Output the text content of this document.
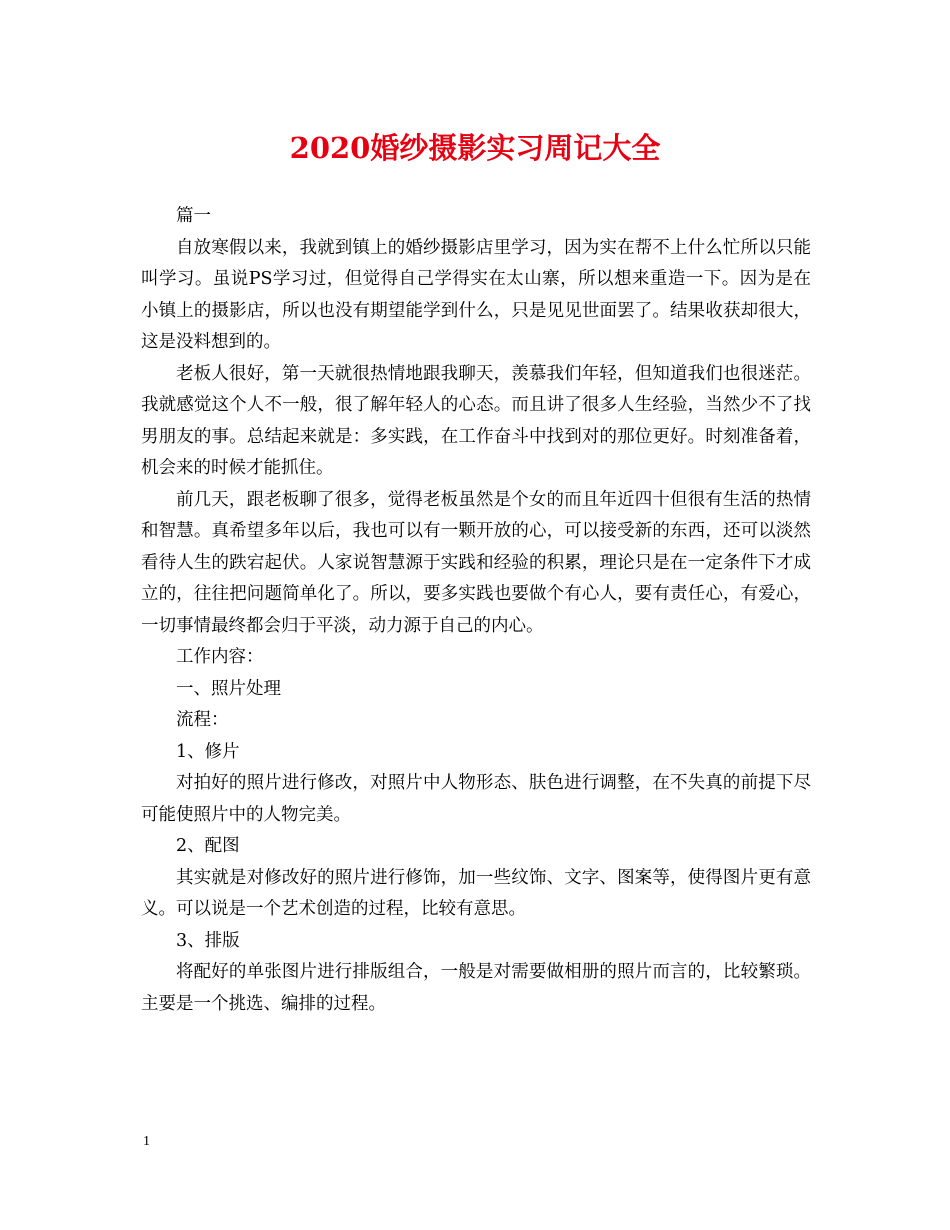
2020婚纱摄影实习周记大全

篇一

自放寒假以来，我就到镇上的婚纱摄影店里学习，因为实在帮不上什么忙所以只能叫学习。虽说PS学习过，但觉得自己学得实在太山寨，所以想来重造一下。因为是在小镇上的摄影店，所以也没有期望能学到什么，只是见见世面罢了。结果收获却很大，这是没料想到的。

老板人很好，第一天就很热情地跟我聊天，羡慕我们年轻，但知道我们也很迷茫。我就感觉这个人不一般，很了解年轻人的心态。而且讲了很多人生经验，当然少不了找男朋友的事。总结起来就是：多实践，在工作奋斗中找到对的那位更好。时刻准备着，机会来的时候才能抓住。

前几天，跟老板聊了很多，觉得老板虽然是个女的而且年近四十但很有生活的热情和智慧。真希望多年以后，我也可以有一颗开放的心，可以接受新的东西，还可以淡然看待人生的跌宕起伏。人家说智慧源于实践和经验的积累，理论只是在一定条件下才成立的，往往把问题简单化了。所以，要多实践也要做个有心人，要有责任心，有爱心，一切事情最终都会归于平淡，动力源于自己的内心。

工作内容：

一、照片处理

流程：

1、修片

对拍好的照片进行修改，对照片中人物形态、肤色进行调整，在不失真的前提下尽可能使照片中的人物完美。

2、配图

其实就是对修改好的照片进行修饰，加一些纹饰、文字、图案等，使得图片更有意义。可以说是一个艺术创造的过程，比较有意思。

3、排版

将配好的单张图片进行排版组合，一般是对需要做相册的照片而言的，比较繁琐。主要是一个挑选、编排的过程。

1
